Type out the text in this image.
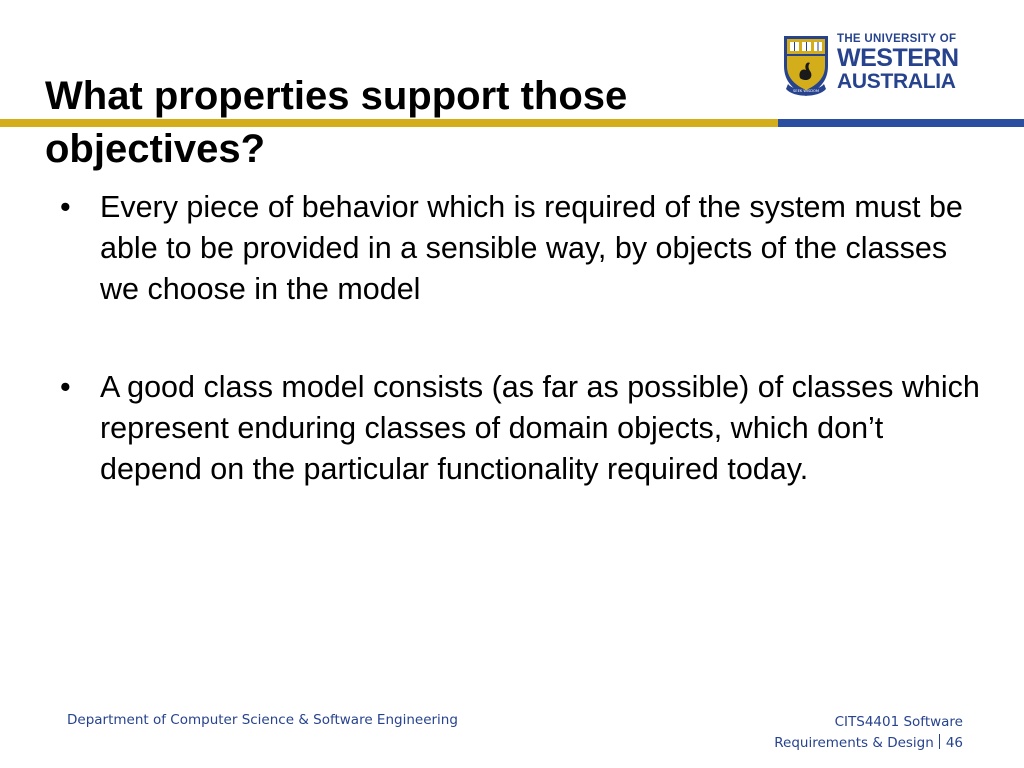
SEEK WISDOM
THE UNIVERSITY OF
WESTERN
AUSTRALIA
What properties support those objectives?
• Every piece of behavior which is required of the system must be able to be provided in a sensible way, by objects of the classes we choose in the model
• A good class model consists (as far as possible) of classes which represent enduring classes of domain objects, which don’t depend on the particular functionality required today.
Department of Computer Science & Software Engineering	CITS4401 Software
Requirements & Design 46
